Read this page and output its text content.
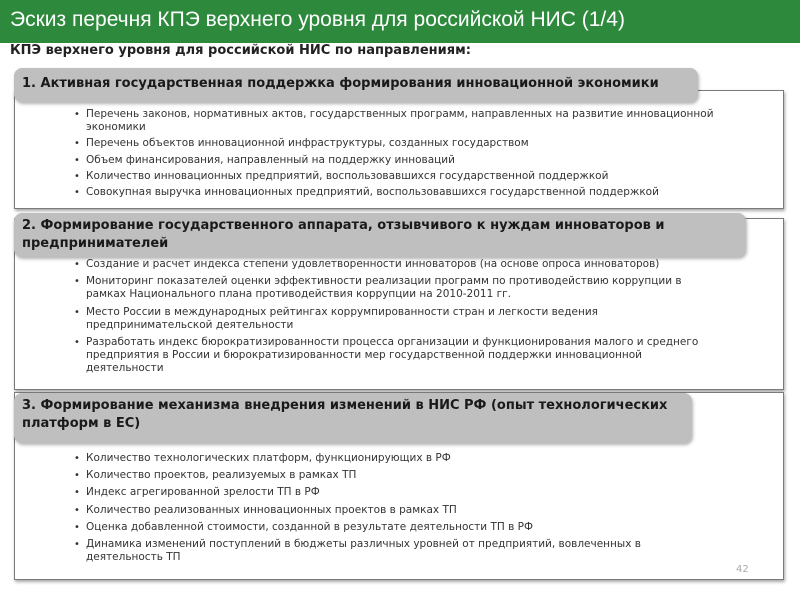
Эскиз перечня КПЭ верхнего уровня для российской НИС (1/4)
КПЭ верхнего уровня для российской НИС по направлениям:
1. Активная государственная поддержка формирования инновационной экономики
• Перечень законов, нормативных актов, государственных программ, направленных на развитие инновационной экономики
• Перечень объектов инновационной инфраструктуры, созданных государством
• Объем финансирования, направленный на поддержку инноваций
• Количество инновационных предприятий, воспользовавшихся государственной поддержкой
• Совокупная выручка инновационных предприятий, воспользовавшихся государственной поддержкой
2. Формирование государственного аппарата, отзывчивого к нуждам инноваторов и предпринимателей
• Создание и расчет индекса степени удовлетворенности инноваторов (на основе опроса инноваторов)
• Мониторинг показателей оценки эффективности реализации программ по противодействию коррупции в рамках Национального плана противодействия коррупции на 2010-2011 гг.
• Место России в международных рейтингах коррумпированности стран и легкости ведения предпринимательской деятельности
• Разработать индекс бюрократизированности процесса организации и функционирования малого и среднего предприятия в России и бюрократизированности мер государственной поддержки инновационной деятельности
3. Формирование механизма внедрения изменений в НИС РФ (опыт технологических платформ в ЕС)
• Количество технологических платформ, функционирующих в РФ
• Количество проектов, реализуемых в рамках ТП
• Индекс агрегированной зрелости ТП в РФ
• Количество реализованных инновационных проектов в рамках ТП
• Оценка добавленной стоимости, созданной в результате деятельности ТП в РФ
• Динамика изменений поступлений в бюджеты различных уровней от предприятий, вовлеченных в деятельность ТП
42
